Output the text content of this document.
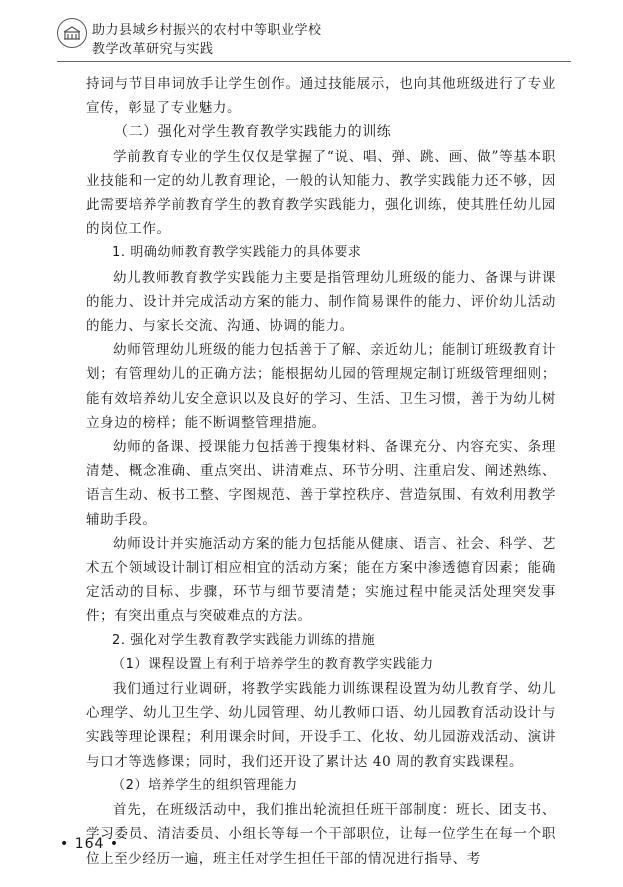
助力县域乡村振兴的农村中等职业学校
教学改革研究与实践

持词与节目串词放手让学生创作。通过技能展示，也向其他班级进行了专业宣传，彰显了专业魅力。

（二）强化对学生教育教学实践能力的训练

学前教育专业的学生仅仅是掌握了“说、唱、弹、跳、画、做”等基本职业技能和一定的幼儿教育理论，一般的认知能力、教学实践能力还不够，因此需要培养学前教育学生的教育教学实践能力，强化训练，使其胜任幼儿园的岗位工作。

1. 明确幼师教育教学实践能力的具体要求

幼儿教师教育教学实践能力主要是指管理幼儿班级的能力、备课与讲课的能力、设计并完成活动方案的能力、制作简易课件的能力、评价幼儿活动的能力、与家长交流、沟通、协调的能力。

幼师管理幼儿班级的能力包括善于了解、亲近幼儿；能制订班级教育计划；有管理幼儿的正确方法；能根据幼儿园的管理规定制订班级管理细则；能有效培养幼儿安全意识以及良好的学习、生活、卫生习惯，善于为幼儿树立身边的榜样；能不断调整管理措施。

幼师的备课、授课能力包括善于搜集材料、备课充分、内容充实、条理清楚、概念准确、重点突出、讲清难点、环节分明、注重启发、阐述熟练、语言生动、板书工整、字图规范、善于掌控秩序、营造氛围、有效利用教学辅助手段。

幼师设计并实施活动方案的能力包括能从健康、语言、社会、科学、艺术五个领域设计制订相应相宜的活动方案；能在方案中渗透德育因素；能确定活动的目标、步骤，环节与细节要清楚；实施过程中能灵活处理突发事件；有突出重点与突破难点的方法。

2. 强化对学生教育教学实践能力训练的措施

（1）课程设置上有利于培养学生的教育教学实践能力

我们通过行业调研，将教学实践能力训练课程设置为幼儿教育学、幼儿心理学、幼儿卫生学、幼儿园管理、幼儿教师口语、幼儿园教育活动设计与实践等理论课程；利用课余时间，开设手工、化妆、幼儿园游戏活动、演讲与口才等选修课；同时，我们还开设了累计达 40 周的教育实践课程。

（2）培养学生的组织管理能力

首先，在班级活动中，我们推出轮流担任班干部制度：班长、团支书、学习委员、清洁委员、小组长等每一个干部职位，让每一位学生在每一个职位上至少经历一遍，班主任对学生担任干部的情况进行指导、考

• 164 •
